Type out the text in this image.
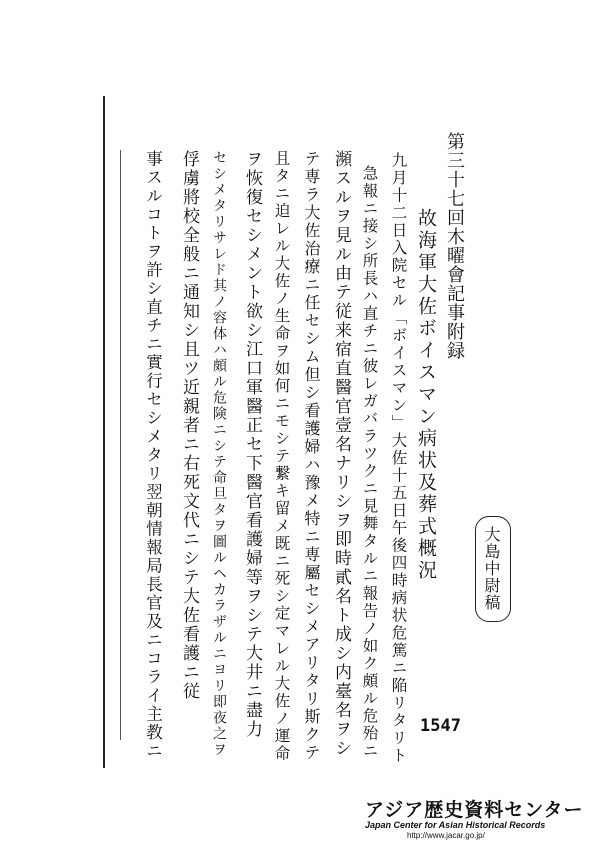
第三十七回木曜會記事附録
故海軍大佐ボイスマン病状及葬式概況	大島中尉稿
九月十二日入院セル「ボイスマン」大佐十五日午後四時病状危篤ニ陥リタリト
急報ニ接シ所長ハ直チニ彼レガバラツクニ見舞タルニ報告ノ如ク頗ル危殆ニ
瀕スルヲ見ル由テ従来宿直醫官壹名ナリシヲ即時貳名ト成シ内臺名ヲシ
テ専ラ大佐治療ニ任セシム但シ看護婦ハ豫メ特ニ専屬セシメアリタリ斯クテ
且タニ迫レル大佐ノ生命ヲ如何ニモシテ繋キ留メ既ニ死シ定マレル大佐ノ運命
ヲ恢復セシメント欲シ江口軍醫正セ下醫官看護婦等ヲシテ大井ニ盡力
セシメタリサレド其ノ容体ハ頗ル危険ニシテ命旦タヲ圖ルヘカラザルニヨリ即夜之ヲ
俘虜將校全般ニ通知シ且ツ近親者ニ右死文代ニシテ大佐看護ニ従
事スルコトヲ許シ直チニ實行セシメタリ翌朝情報局長官及ニコライ主教ニ	1547
アジア歴史資料センター
Japan Center for Asian Historical Records
http://www.jacar.go.jp/
